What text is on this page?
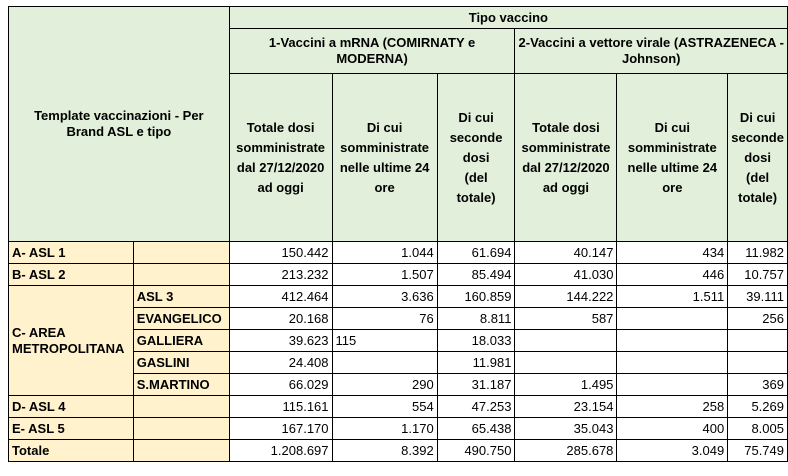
Template vaccinazioni - Per Brand ASL e tipo		Tipo vaccino					
		1-Vaccini a mRNA (COMIRNATY e MODERNA)			2-Vaccini a vettore virale (ASTRAZENECA - Johnson)		
		Totale dosi somministrate dal 27/12/2020 ad oggi	Di cui somministrate nelle ultime 24 ore	Di cui seconde dosi (del totale)	Totale dosi somministrate dal 27/12/2020 ad oggi	Di cui somministrate nelle ultime 24 ore	Di cui seconde dosi (del totale)
A- ASL 1		150.442	1.044	61.694	40.147	434	11.982
B- ASL 2		213.232	1.507	85.494	41.030	446	10.757
C- AREA METROPOLITANA	ASL 3	412.464	3.636	160.859	144.222	1.511	39.111
	EVANGELICO	20.168	76	8.811	587		256
	GALLIERA	39.623	115	18.033			
	GASLINI	24.408		11.981			
	S.MARTINO	66.029	290	31.187	1.495		369
D- ASL 4		115.161	554	47.253	23.154	258	5.269
E- ASL 5		167.170	1.170	65.438	35.043	400	8.005
Totale		1.208.697	8.392	490.750	285.678	3.049	75.749
